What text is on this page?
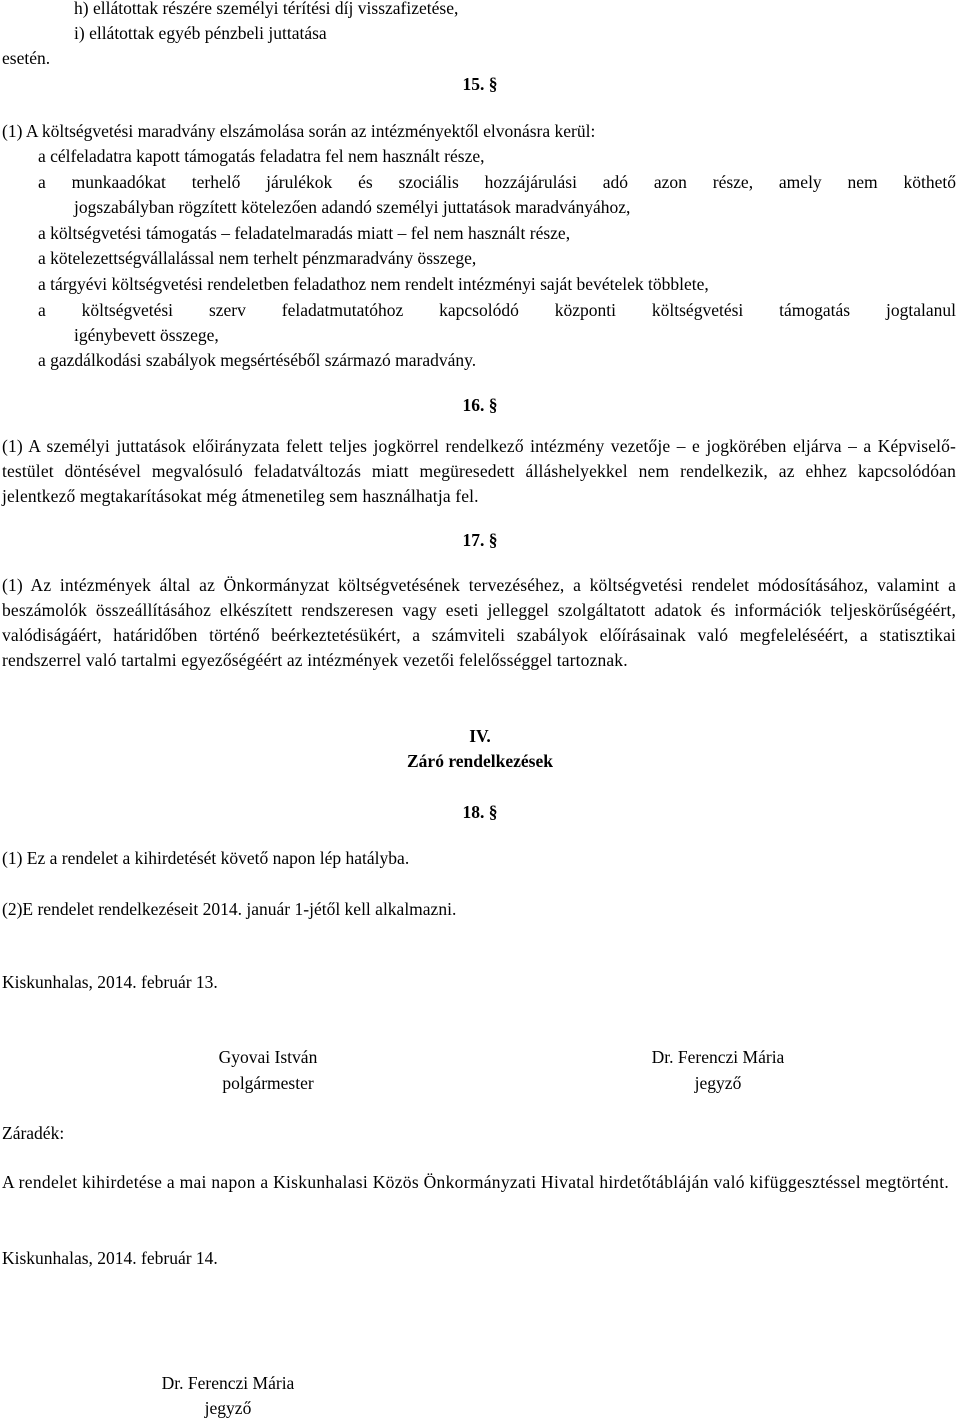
h) ellátottak részére személyi térítési díj visszafizetése,
i) ellátottak egyéb pénzbeli juttatása
esetén.
15. §
(1) A költségvetési maradvány elszámolása során az intézményektől elvonásra kerül:
a célfeladatra kapott támogatás feladatra fel nem használt része,
a munkaadókat terhelő járulékok és szociális hozzájárulási adó azon része, amely nem köthető
jogszabályban rögzített kötelezően adandó személyi juttatások maradványához,
a költségvetési támogatás – feladatelmaradás miatt – fel nem használt része,
a kötelezettségvállalással nem terhelt pénzmaradvány összege,
a tárgyévi költségvetési rendeletben feladathoz nem rendelt intézményi saját bevételek többlete,
a költségvetési szerv feladatmutatóhoz kapcsolódó központi költségvetési támogatás jogtalanul
igénybevett összege,
a gazdálkodási szabályok megsértéséből származó maradvány.
16. §
(1) A személyi juttatások előirányzata felett teljes jogkörrel rendelkező intézmény vezetője – e jogkörében eljárva – a Képviselő-testület döntésével megvalósuló feladatváltozás miatt megüresedett álláshelyekkel nem rendelkezik, az ehhez kapcsolódóan jelentkező megtakarításokat még átmenetileg sem használhatja fel.
17. §
(1) Az intézmények által az Önkormányzat költségvetésének tervezéséhez, a költségvetési rendelet módosításához, valamint a beszámolók összeállításához elkészített rendszeresen vagy eseti jelleggel szolgáltatott adatok és információk teljeskörűségéért, valódiságáért, határidőben történő beérkeztetésükért, a számviteli szabályok előírásainak való megfeleléséért, a statisztikai rendszerrel való tartalmi egyezőségéért az intézmények vezetői felelősséggel tartoznak.
IV.
Záró rendelkezések
18. §
(1) Ez a rendelet a kihirdetését követő napon lép hatályba.
(2)E rendelet rendelkezéseit 2014. január 1-jétől kell alkalmazni.
Kiskunhalas, 2014. február 13.
Gyovai István
polgármester
Dr. Ferenczi Mária
jegyző
Záradék:
A rendelet kihirdetése a mai napon a Kiskunhalasi Közös Önkormányzati Hivatal hirdetőtábláján való kifüggesztéssel megtörtént.
Kiskunhalas, 2014. február 14.
Dr. Ferenczi Mária
jegyző
